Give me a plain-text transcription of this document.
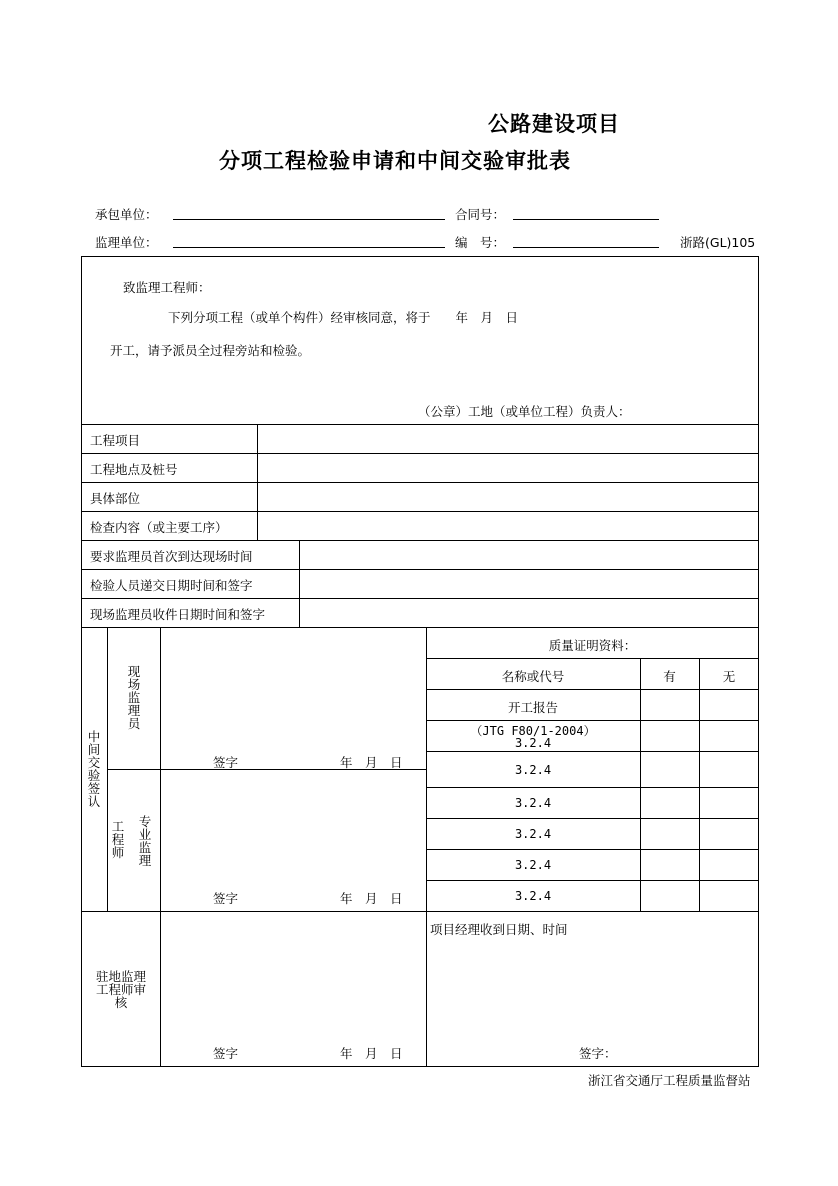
公路建设项目
分项工程检验申请和中间交验审批表
承包单位：	合同号：
监理单位：	编　号：	浙路(GL)105
致监理工程师：
下列分项工程（或单个构件）经审核同意，将于　　年　月　日
开工，请予派员全过程旁站和检验。
（公章）工地（或单位工程）负责人：
工程项目
工程地点及桩号
具体部位
检查内容（或主要工序）
要求监理员首次到达现场时间
检验人员递交日期时间和签字
现场监理员收件日期时间和签字
中间交验签认
现场监理员
专业监理
工程师
签字	年　月　日
签字	年　月　日
质量证明资料：
名称或代号	有	无
开工报告
（JTG F80/1-2004）
3.2.4
3.2.4
3.2.4
3.2.4
3.2.4
3.2.4
驻地监理工程师审核
签字	年　月　日
项目经理收到日期、时间
签字：
浙江省交通厅工程质量监督站
